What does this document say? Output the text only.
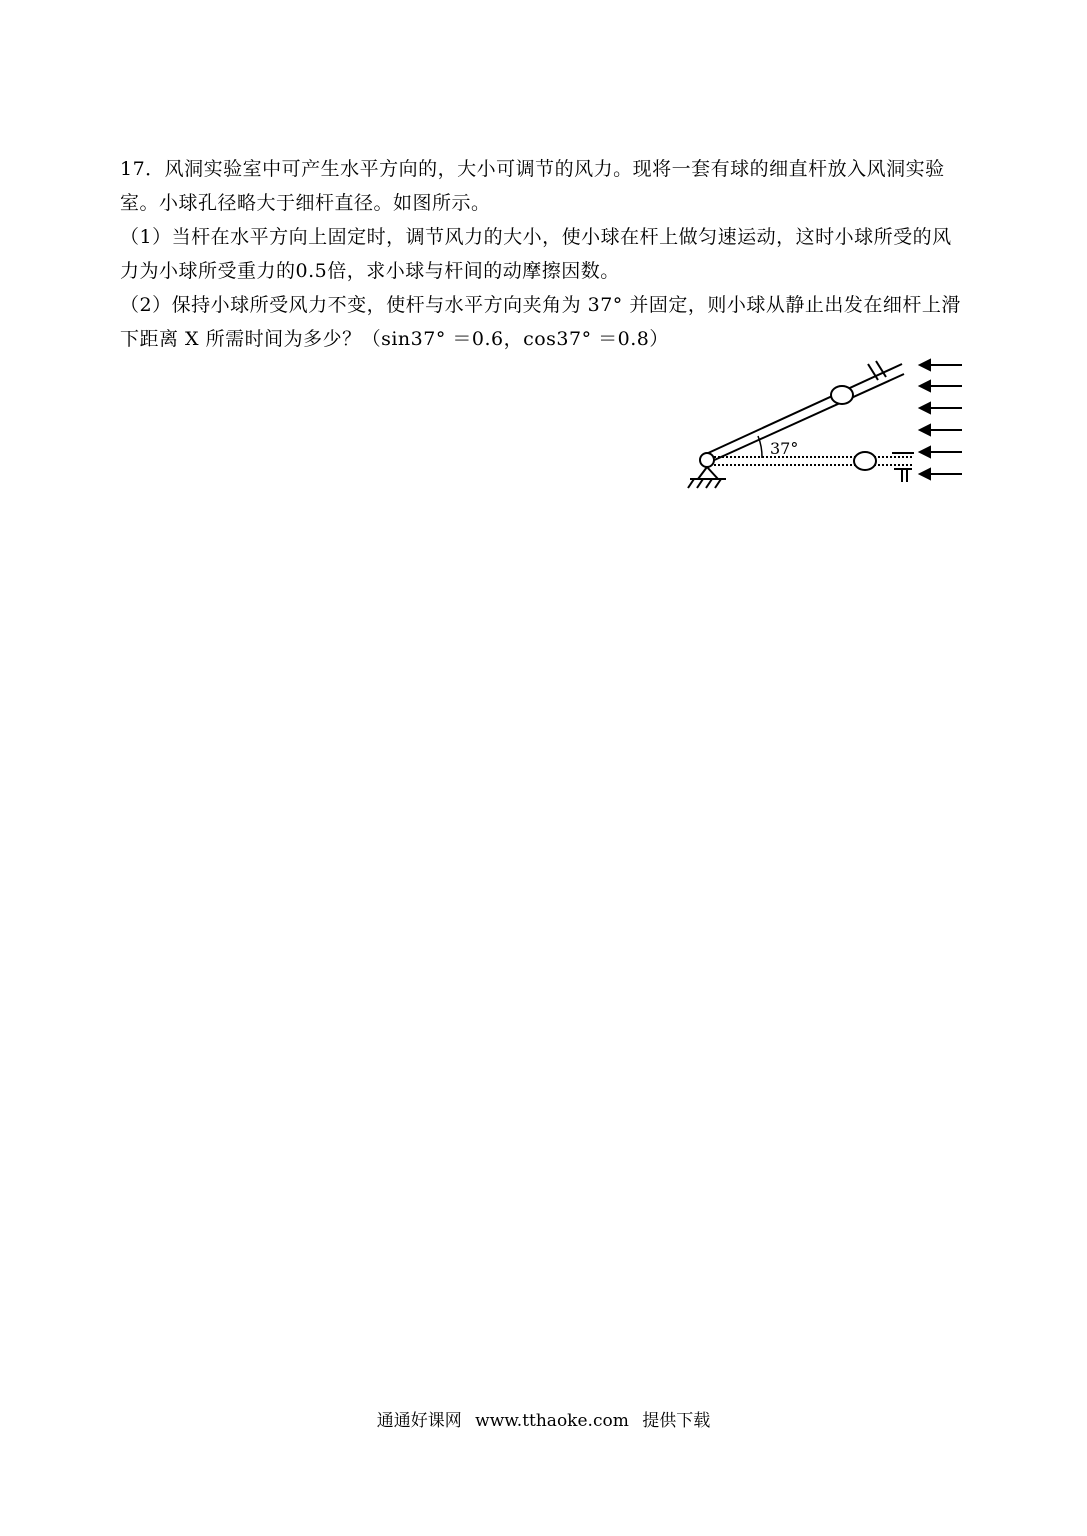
17．风洞实验室中可产生水平方向的，大小可调节的风力。现将一套有球的细直杆放入风洞实验室。小球孔径略大于细杆直径。如图所示。

（1）当杆在水平方向上固定时，调节风力的大小，使小球在杆上做匀速运动，这时小球所受的风力为小球所受重力的0.5倍，求小球与杆间的动摩擦因数。

（2）保持小球所受风力不变，使杆与水平方向夹角为 37° 并固定，则小球从静止出发在细杆上滑下距离 X 所需时间为多少？（sin37° ＝0.6，cos37° ＝0.8）

37°
通通好课网 www.tthaoke.com 提供下载
